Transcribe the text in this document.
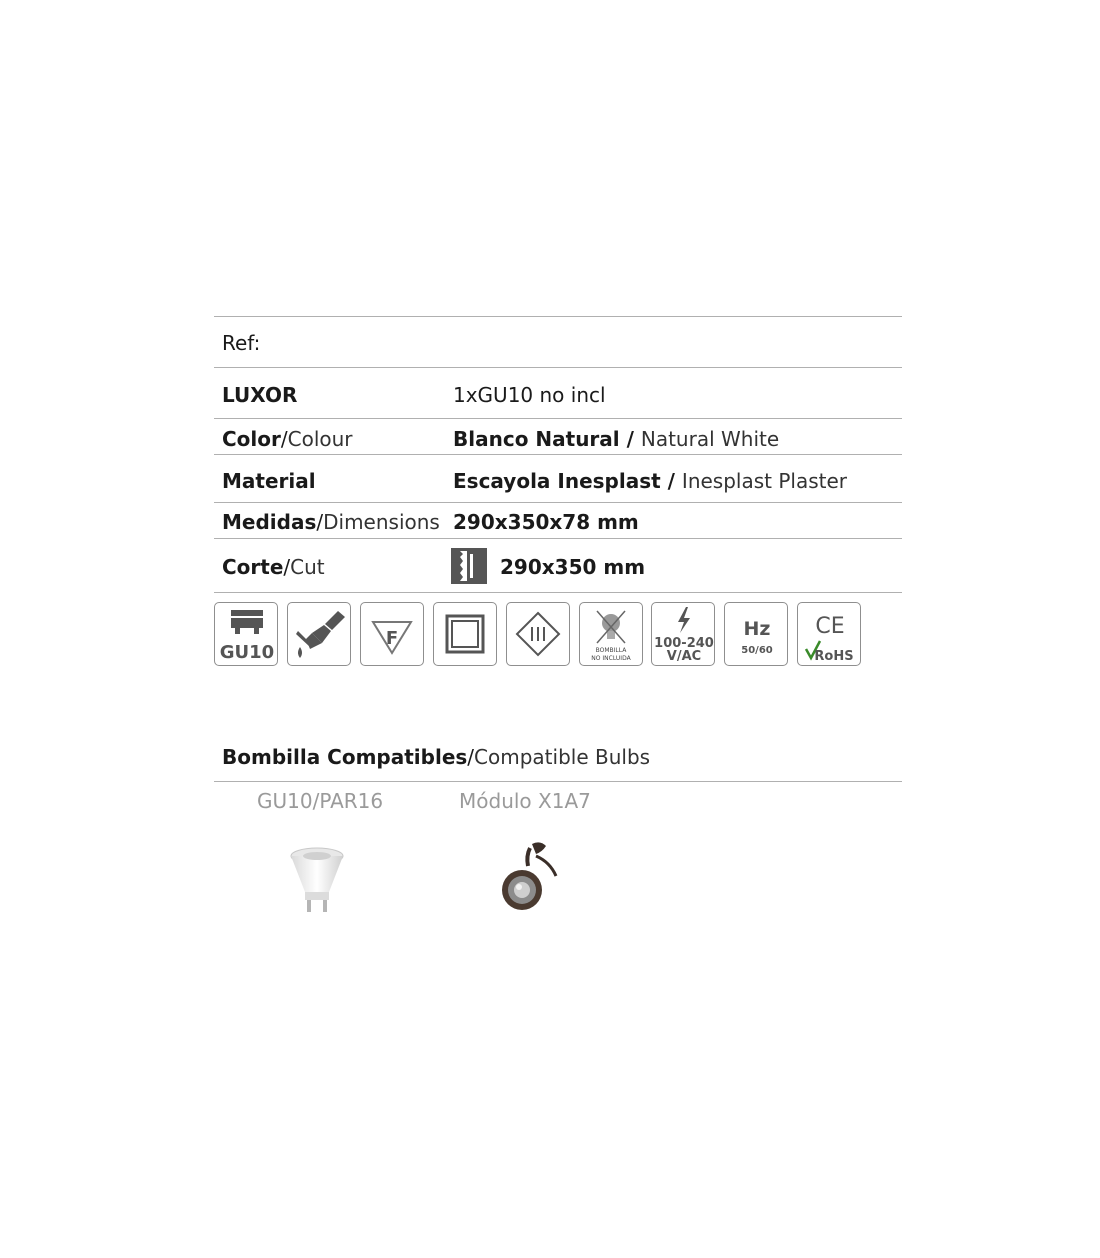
Ref:
LUXOR	1xGU10 no incl
Color/Colour	Blanco Natural / Natural White
Material	Escayola Inesplast / Inesplast Plaster
Medidas/Dimensions 290x350x78 mm
Corte/Cut	290x350 mm
GU10
F
BOMBILLA
NO INCLUIDA
100-240
V/AC
Hz
50/60
CE
RoHS
Bombilla Compatibles/Compatible Bulbs
GU10/PAR16	Módulo X1A7
